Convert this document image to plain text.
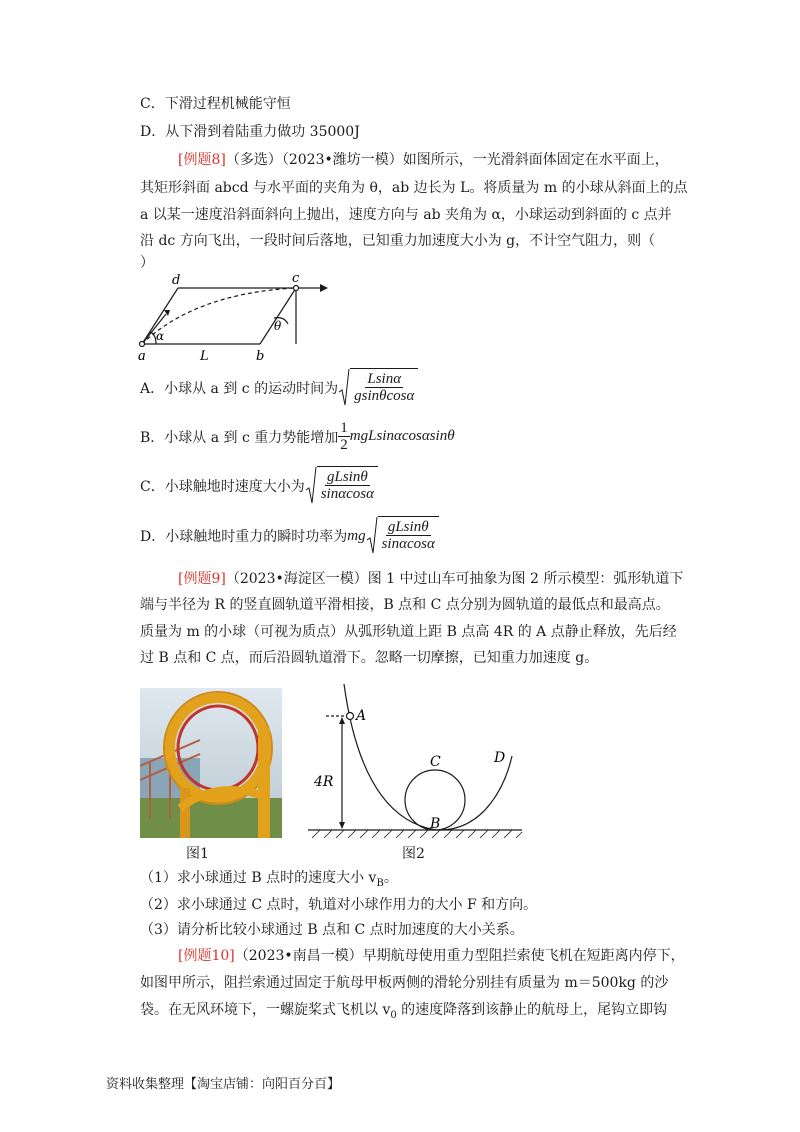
C．下滑过程机械能守恒
D．从下滑到着陆重力做功 35000J
[例题8]（多选）（2023•潍坊一模）如图所示，一光滑斜面体固定在水平面上，
其矩形斜面 abcd 与水平面的夹角为 θ，ab 边长为 L。将质量为 m 的小球从斜面上的点
a 以某一速度沿斜面斜向上抛出，速度方向与 ab 夹角为 α，小球运动到斜面的 c 点并
沿 dc 方向飞出，一段时间后落地，已知重力加速度大小为 g，不计空气阻力，则（
）
a	b
c
d
L
α
θ
A．小球从 a 到 c 的运动时间为 $\frac{Lsin\alpha}{gsin\theta\cos\alpha}$
B．小球从 a 到 c 重力势能增加 $\frac{1}{2}$ mgLsinαcosαsinθ
C．小球触地时速度大小为 $\frac{gLsin\theta}{\sin\alpha\cos\alpha}$
D．小球触地时重力的瞬时功率为 mg $\frac{gLsin\theta}{\sin\alpha\cos\alpha}$
[例题9]（2023•海淀区一模）图 1 中过山车可抽象为图 2 所示模型：弧形轨道下
端与半径为 R 的竖直圆轨道平滑相接，B 点和 C 点分别为圆轨道的最低点和最高点。
质量为 m 的小球（可视为质点）从弧形轨道上距 B 点高 4R 的 A 点静止释放，先后经
过 B 点和 C 点，而后沿圆轨道滑下。忽略一切摩擦，已知重力加速度 g。
图1
A
B
C	D
4R
图2
（1）求小球通过 B 点时的速度大小 $v_B$。
（2）求小球通过 C 点时，轨道对小球作用力的大小 F 和方向。
（3）请分析比较小球通过 B 点和 C 点时加速度的大小关系。
[例题10]（2023•南昌一模）早期航母使用重力型阻拦索使飞机在短距离内停下，
如图甲所示，阻拦索通过固定于航母甲板两侧的滑轮分别挂有质量为 m＝500kg 的沙
袋。在无风环境下，一螺旋桨式飞机以 $v_0$ 的速度降落到该静止的航母上，尾钩立即钩
资料收集整理【淘宝店铺：向阳百分百】
